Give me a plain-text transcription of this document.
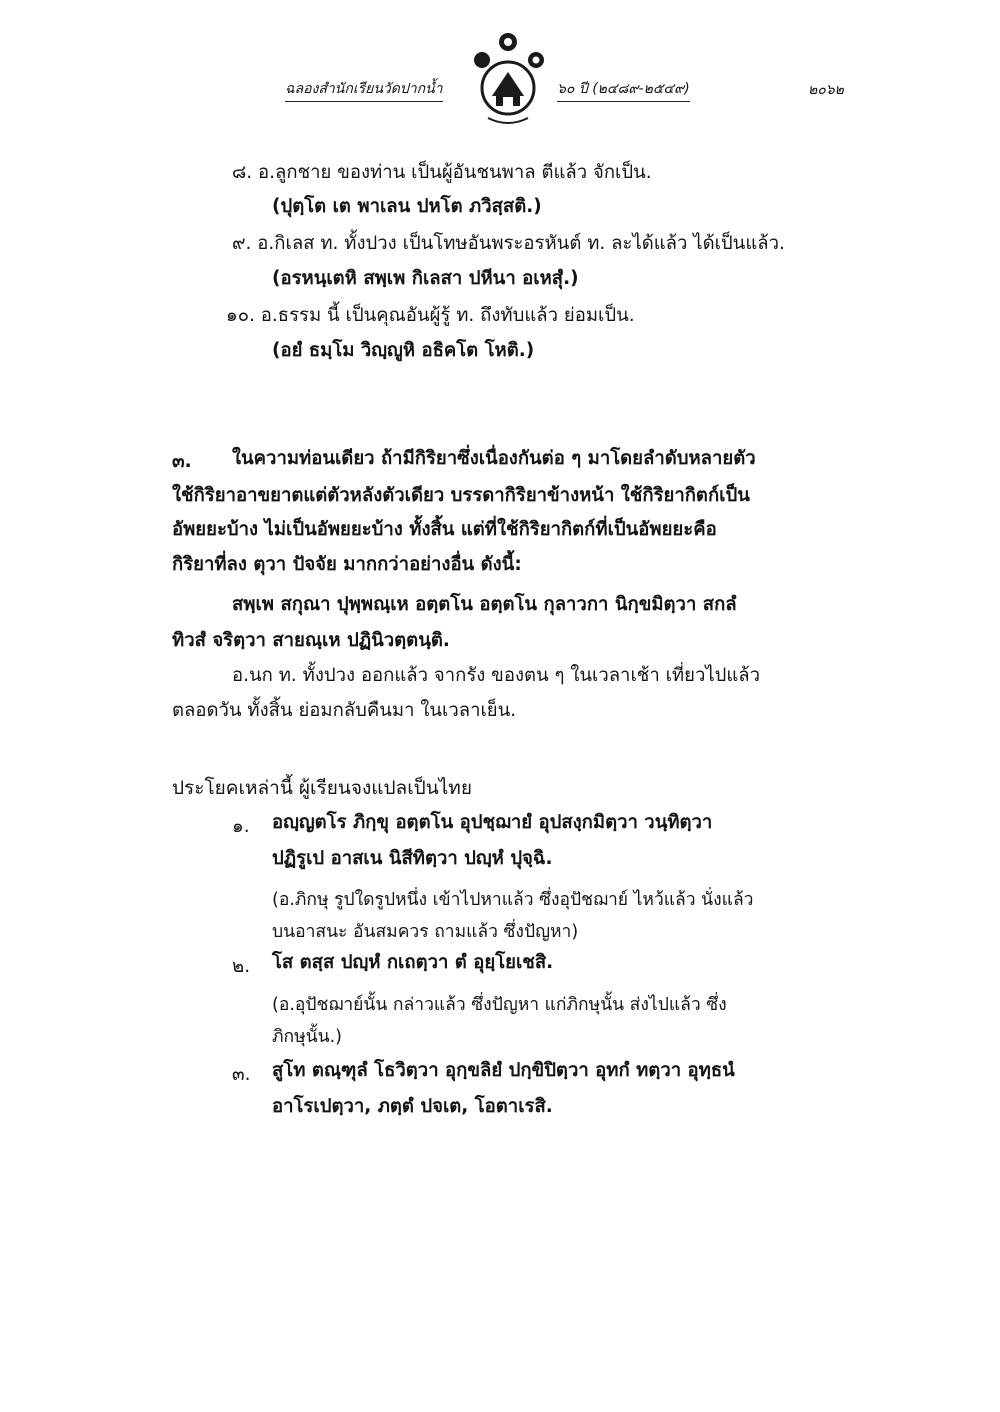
ฉลองสำนักเรียนวัดปากน้ำ	๖๐ ปี (๒๔๘๙-๒๕๔๙)	๒๐๖๒
๘. อ.ลูกชาย ของท่าน เป็นผู้อันชนพาล ตีแล้ว จักเป็น.
(ปุตฺโต เต พาเลน ปหโต ภวิสฺสติ.)
๙. อ.กิเลส ท. ทั้งปวง เป็นโทษอันพระอรหันต์ ท. ละได้แล้ว ได้เป็นแล้ว.
(อรหนฺเตหิ สพฺเพ กิเลสา ปหีนา อเหสุํ.)
๑๐. อ.ธรรม นี้ เป็นคุณอันผู้รู้ ท. ถึงทับแล้ว ย่อมเป็น.
(อยํ ธมฺโม วิญฺญูหิ อธิคโต โหติ.)
๓. ในความท่อนเดียว ถ้ามีกิริยาซึ่งเนื่องกันต่อ ๆ มาโดยลำดับหลายตัว
ใช้กิริยาอาขยาตแต่ตัวหลังตัวเดียว บรรดากิริยาข้างหน้า ใช้กิริยากิตก์เป็น
อัพยยะบ้าง ไม่เป็นอัพยยะบ้าง ทั้งสิ้น แต่ที่ใช้กิริยากิตก์ที่เป็นอัพยยะคือ
กิริยาที่ลง ตุวา ปัจจัย มากกว่าอย่างอื่น ดังนี้:
สพฺเพ สกุณา ปุพฺพณฺเห อตฺตโน อตฺตโน กุลาวกา นิกฺขมิตฺวา สกลํ
ทิวสํ จริตฺวา สายณฺเห ปฏินิวตฺตนฺติ.
อ.นก ท. ทั้งปวง ออกแล้ว จากรัง ของตน ๆ ในเวลาเช้า เที่ยวไปแล้ว
ตลอดวัน ทั้งสิ้น ย่อมกลับคืนมา ในเวลาเย็น.
ประโยคเหล่านี้ ผู้เรียนจงแปลเป็นไทย
๑. อญฺญตโร ภิกฺขุ อตฺตโน อุปชฺฌายํ อุปสงฺกมิตฺวา วนฺทิตฺวา
ปฏิรูเป อาสเน นิสีทิตฺวา ปญฺหํ ปุจฺฉิ.
(อ.ภิกษุ รูปใดรูปหนึ่ง เข้าไปหาแล้ว ซึ่งอุปัชฌาย์ ไหว้แล้ว นั่งแล้ว
บนอาสนะ อันสมควร ถามแล้ว ซึ่งปัญหา)
๒. โส ตสฺส ปญฺหํ กเถตฺวา ตํ อุยฺโยเชสิ.
(อ.อุปัชฌาย์นั้น กล่าวแล้ว ซึ่งปัญหา แก่ภิกษุนั้น ส่งไปแล้ว ซึ่ง
ภิกษุนั้น.)
๓. สูโท ตณฺฑุลํ โธวิตฺวา อุกฺขลิยํ ปกฺขิปิตฺวา อุทกํ ทตฺวา อุทฺธนํ
อาโรเปตฺวา, ภตฺตํ ปจเต, โอตาเรสิ.
